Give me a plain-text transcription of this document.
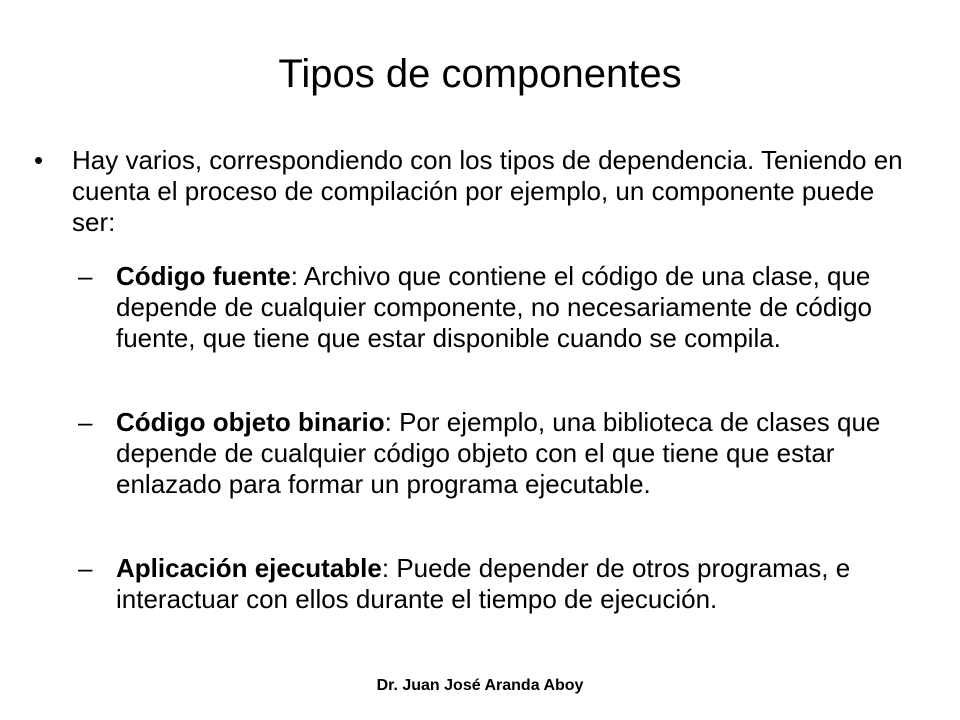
Tipos de componentes
• Hay varios, correspondiendo con los tipos de dependencia. Teniendo en cuenta el proceso de compilación por ejemplo, un componente puede ser:
– Código fuente: Archivo que contiene el código de una clase, que depende de cualquier componente, no necesariamente de código fuente, que tiene que estar disponible cuando se compila.
– Código objeto binario: Por ejemplo, una biblioteca de clases que depende de cualquier código objeto con el que tiene que estar enlazado para formar un programa ejecutable.
– Aplicación ejecutable: Puede depender de otros programas, e interactuar con ellos durante el tiempo de ejecución.
Dr. Juan José Aranda Aboy
